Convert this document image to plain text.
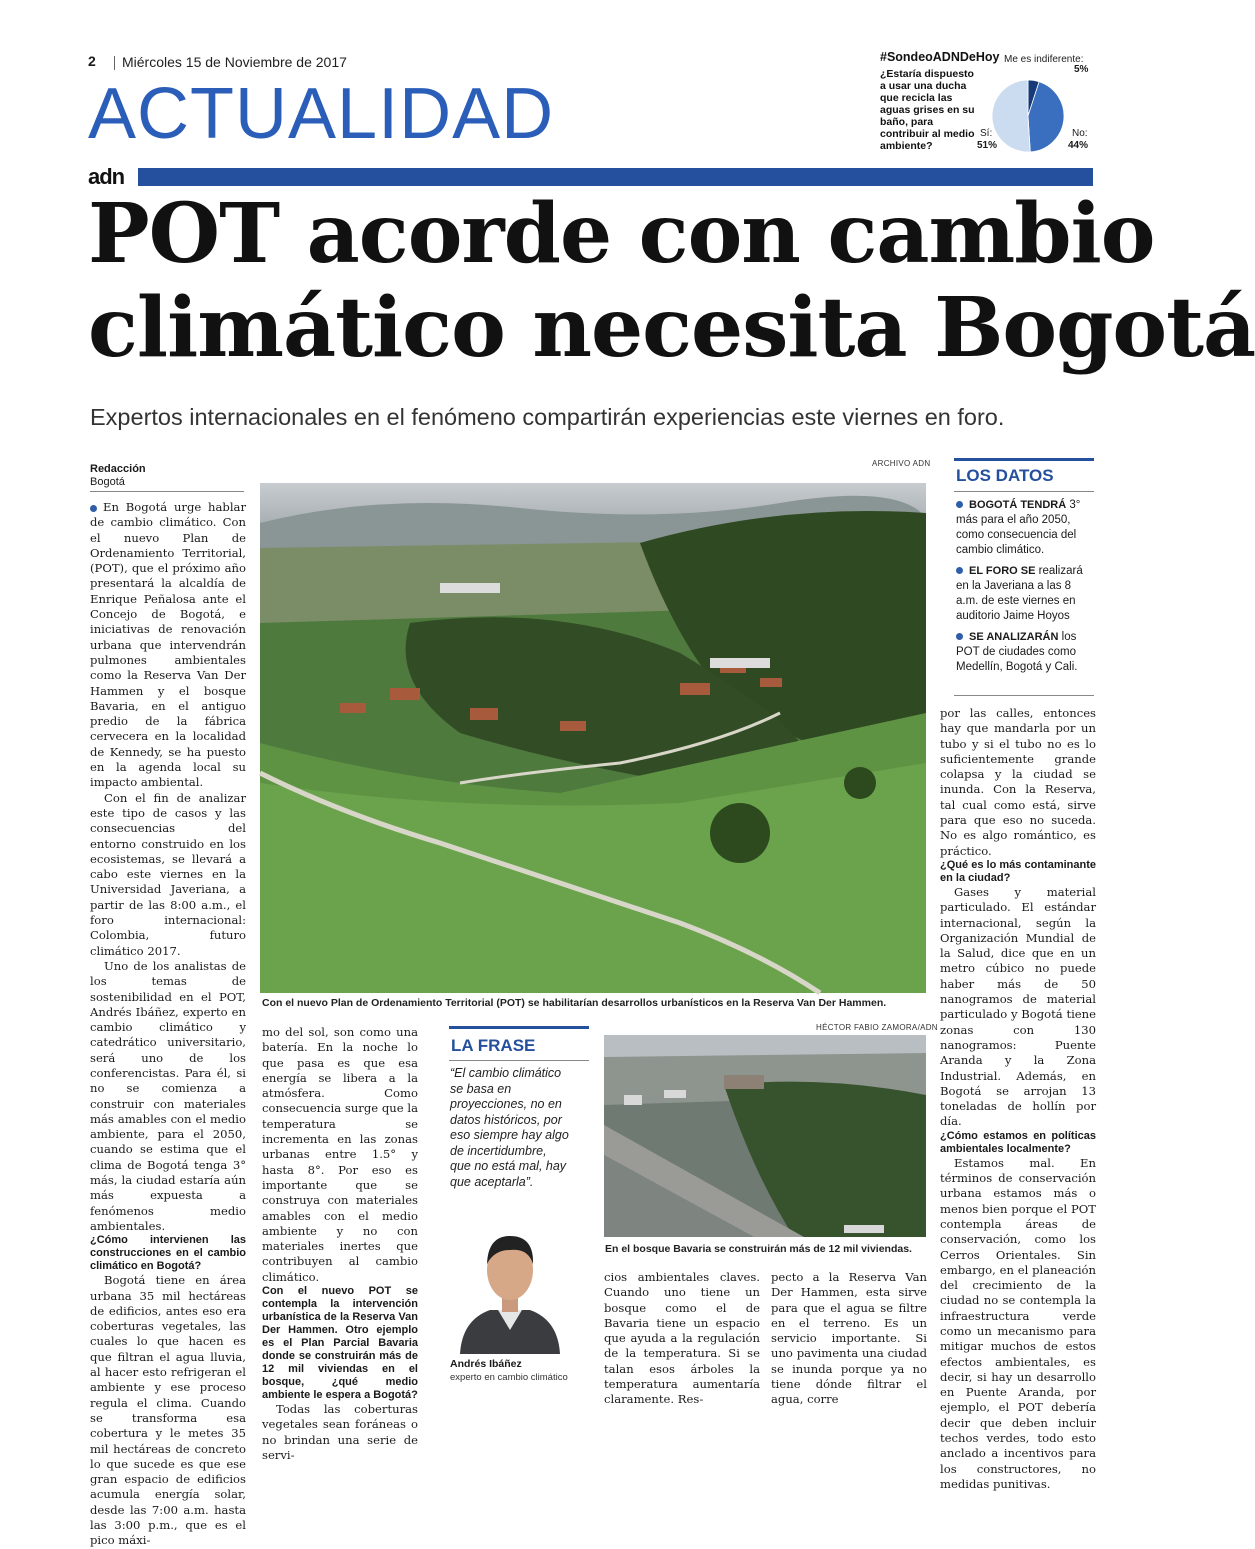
2 Miércoles 15 de Noviembre de 2017
ACTUALIDAD
#SondeoADNDeHoy
¿Estaría dispuesto a usar una ducha que recicla las aguas grises en su baño, para contribuir al medio ambiente?
Me es indiferente:
5%
Sí:
51%
No:
44%
adn
POT acorde con cambio
climático necesita Bogotá
Expertos internacionales en el fenómeno compartirán experiencias este viernes en foro.
Redacción
Bogotá

En Bogotá urge hablar de cambio climático. Con el nuevo Plan de Ordenamiento Territorial, (POT), que el próximo año presentará la alcaldía de Enrique Peñalosa ante el Concejo de Bogotá, e iniciativas de renovación urbana que intervendrán pulmones ambientales como la Reserva Van Der Hammen y el bosque Bavaria, en el antiguo predio de la fábrica cervecera en la localidad de Kennedy, se ha puesto en la agenda local su impacto ambiental.

Con el fin de analizar este tipo de casos y las consecuencias del entorno construido en los ecosistemas, se llevará a cabo este viernes en la Universidad Javeriana, a partir de las 8:00 a.m., el foro internacional: Colombia, futuro climático 2017.

Uno de los analistas de los temas de sostenibilidad en el POT, Andrés Ibáñez, experto en cambio climático y catedrático universitario, será uno de los conferencistas. Para él, si no se comienza a construir con materiales más amables con el medio ambiente, para el 2050, cuando se estima que el clima de Bogotá tenga 3° más, la ciudad estaría aún más expuesta a fenómenos medio ambientales.

¿Cómo intervienen las construcciones en el cambio climático en Bogotá?

Bogotá tiene en área urbana 35 mil hectáreas de edificios, antes eso era coberturas vegetales, las cuales lo que hacen es que filtran el agua lluvia, al hacer esto refrigeran el ambiente y ese proceso regula el clima. Cuando se transforma esa cobertura y le metes 35 mil hectáreas de concreto lo que sucede es que ese gran espacio de edificios acumula energía solar, desde las 7:00 a.m. hasta las 3:00 p.m., que es el pico máxi-

ARCHIVO ADN
Con el nuevo Plan de Ordenamiento Territorial (POT) se habilitarían desarrollos urbanísticos en la Reserva Van Der Hammen.
LOS DATOS
BOGOTÁ TENDRÁ 3° más para el año 2050, como consecuencia del cambio climático.
EL FORO SE realizará en la Javeriana a las 8 a.m. de este viernes en auditorio Jaime Hoyos
SE ANALIZARÁN los POT de ciudades como Medellín, Bogotá y Cali.

por las calles, entonces hay que mandarla por un tubo y si el tubo no es lo suficientemente grande colapsa y la ciudad se inunda. Con la Reserva, tal cual como está, sirve para que eso no suceda. No es algo romántico, es práctico.

¿Qué es lo más contaminante en la ciudad?

Gases y material particulado. El estándar internacional, según la Organización Mundial de la Salud, dice que en un metro cúbico no puede haber más de 50 nanogramos de material particulado y Bogotá tiene zonas con 130 nanogramos: Puente Aranda y la Zona Industrial. Además, en Bogotá se arrojan 13 toneladas de hollín por día.

¿Cómo estamos en políticas ambientales localmente?

Estamos mal. En términos de conservación urbana estamos más o menos bien porque el POT contempla áreas de conservación, como los Cerros Orientales. Sin embargo, en el planeación del crecimiento de la ciudad no se contempla la infraestructura verde como un mecanismo para mitigar muchos de estos efectos ambientales, es decir, si hay un desarrollo en Puente Aranda, por ejemplo, el POT debería decir que deben incluir techos verdes, todo esto anclado a incentivos para los constructores, no medidas punitivas.

mo del sol, son como una batería. En la noche lo que pasa es que esa energía se libera a la atmósfera. Como consecuencia surge que la temperatura se incrementa en las zonas urbanas entre 1.5° y hasta 8°. Por eso es importante que se construya con materiales amables con el medio ambiente y no con materiales inertes que contribuyen al cambio climático.

Con el nuevo POT se contempla la intervención urbanística de la Reserva Van Der Hammen. Otro ejemplo es el Plan Parcial Bavaria donde se construirán más de 12 mil viviendas en el bosque, ¿qué medio ambiente le espera a Bogotá?

Todas las coberturas vegetales sean foráneas o no brindan una serie de servi-

LA FRASE
“El cambio climático se basa en proyecciones, no en datos históricos, por eso siempre hay algo de incertidumbre, que no está mal, hay que aceptarla”.
Andrés Ibáñez
experto en cambio climático
HÉCTOR FABIO ZAMORA/ADN
En el bosque Bavaria se construirán más de 12 mil viviendas.

cios ambientales claves. Cuando uno tiene un bosque como el de Bavaria tiene un espacio que ayuda a la regulación de la temperatura. Si se talan esos árboles la temperatura aumentaría claramente. Res-

pecto a la Reserva Van Der Hammen, esta sirve para que el agua se filtre en el terreno. Es un servicio importante. Si uno pavimenta una ciudad se inunda porque ya no tiene dónde filtrar el agua, corre
